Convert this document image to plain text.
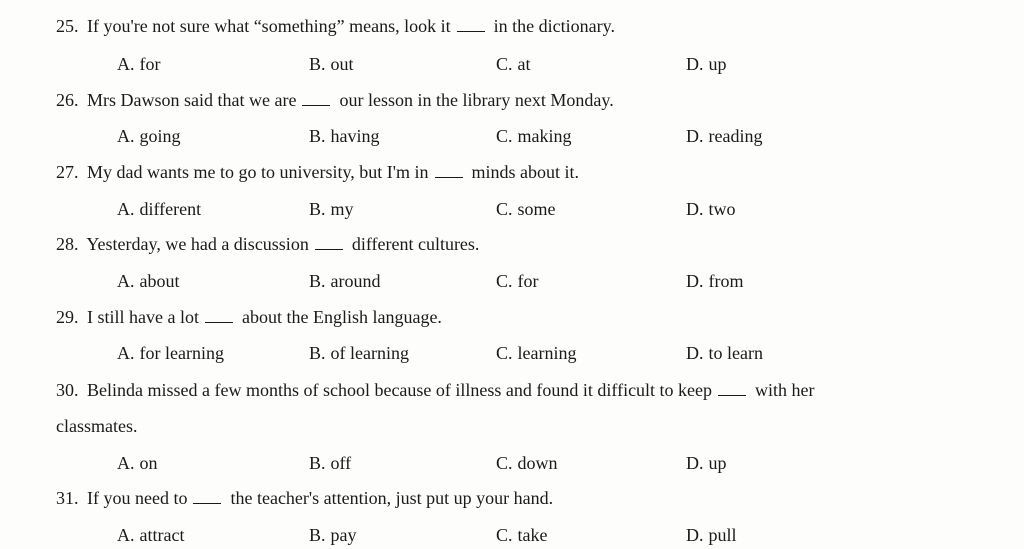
25. If you're not sure what “something” means, look it in the dictionary.
A. for	B. out	C. at	D. up
26. Mrs Dawson said that we are our lesson in the library next Monday.
A. going	B. having	C. making	D. reading
27. My dad wants me to go to university, but I'm in minds about it.
A. different	B. my	C. some	D. two
28. Yesterday, we had a discussion different cultures.
A. about	B. around	C. for	D. from
29. I still have a lot about the English language.
A. for learning	B. of learning	C. learning	D. to learn
30. Belinda missed a few months of school because of illness and found it difficult to keep with her
classmates.
A. on	B. off	C. down	D. up
31. If you need to the teacher's attention, just put up your hand.
A. attract	B. pay	C. take	D. pull
